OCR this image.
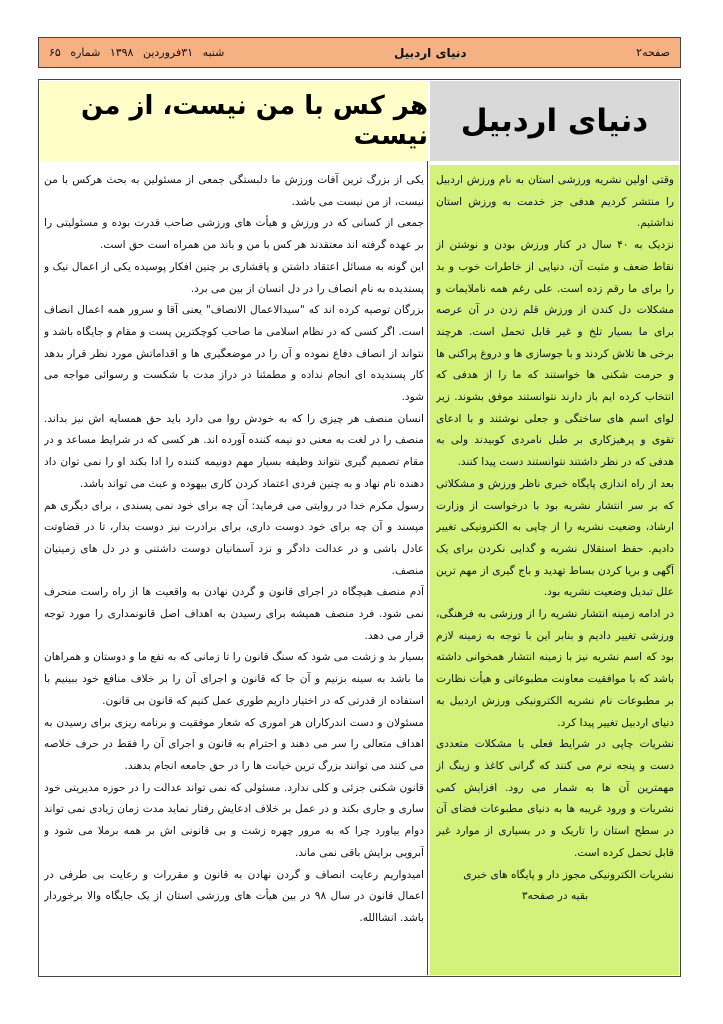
صفحه۲
دنیای اردبیل
شنبه ۳۱فروردین ۱۳۹۸ شماره ۶۵
هر کس با من نیست، از من نیست دنیای اردبیل

یکی از بزرگ ترین آفات ورزش ما دلبستگی جمعی از مسئولین به بحث هرکس با من نیست، از من نیست می باشد.

جمعی از کسانی که در ورزش و هیأت های ورزشی صاحب قدرت بوده و مسئولیتی را بر عهده گرفته اند معتقدند هر کس با من و باند من همراه است حق است.

این گونه به مسائل اعتقاد داشتن و پافشاری بر چنین افکار پوسیده یکی از اعمال نیک و پسندیده به نام انصاف را در دل انسان از بین می برد.

بزرگان توصیه کرده اند که "سیدالاعمال الانصاف" یعنی آقا و سرور همه اعمال انصاف است. اگر کسی که در نظام اسلامی ما صاحب کوچکترین پست و مقام و جایگاه باشد و نتواند از انصاف دفاع نموده و آن را در موضعگیری ها و اقداماتش مورد نظر قرار بدهد کار پسندیده ای انجام نداده و مطمئنا در دراز مدت با شکست و رسوائی مواجه می شود.

انسان منصف هر چیزی را که به خودش روا می دارد باید حق همسایه اش نیز بداند. منصف را در لغت به معنی دو نیمه کننده آورده اند. هر کسی که در شرایط مساعد و در مقام تصمیم گیری نتواند وظیفه بسیار مهم دونیمه کننده را ادا بکند او را نمی توان داد دهنده نام نهاد و به چنین فردی اعتماد کردن کاری بیهوده و عبث می تواند باشد.

رسول مکرم خدا در روایتی می فرماید: آن چه برای خود نمی پسندی ، برای دیگری هم مپسند و آن چه برای خود دوست داری، برای برادرت نیز دوست بدار، تا در قضاوتت عادل باشی و در عدالت دادگر و نزد آسمانیان دوست داشتنی و در دل های زمینیان منصف.

آدم منصف هیچگاه در اجرای قانون و گردن نهادن به واقعیت ها از راه راست منحرف نمی شود. فرد منصف همیشه برای رسیدن به اهداف اصل قانونمداری را مورد توجه قرار می دهد.

بسیار بد و زشت می شود که سنگ قانون را تا زمانی که به نفع ما و دوستان و همراهان ما باشد به سینه بزنیم و آن جا که قانون و اجرای آن را بر خلاف منافع خود ببینیم با استفاده از قدرتی که در اختیار داریم طوری عمل کنیم که قانون بی قانون.

مسئولان و دست اندرکاران هر اموری که شعار موفقیت و برنامه ریزی برای رسیدن به اهداف متعالی را سر می دهند و احترام به قانون و اجرای آن را فقط در حرف خلاصه می کنند می توانند بزرگ ترین خیانت ها را در حق جامعه انجام بدهند.

قانون شکنی جزئی و کلی ندارد. مسئولی که نمی تواند عدالت را در حوزه مدیریتی خود ساری و جاری بکند و در عمل بر خلاف ادعایش رفتار نماید مدت زمان زیادی نمی تواند دوام بیاورد چرا که به مرور چهره زشت و بی قانونی اش بر همه برملا می شود و آبرویی برایش باقی نمی ماند.

امیدواریم رعایت انصاف و گردن نهادن به قانون و مقررات و رعایت بی طرفی در اعمال قانون در سال ۹۸ در بین هیأت های ورزشی استان از یک جایگاه والا برخوردار باشد. انشاالله.

وقتی اولین نشریه ورزشی استان به نام ورزش اردبیل را منتشر کردیم هدفی جز خدمت به ورزش استان نداشتیم.

نزدیک به ۴۰ سال در کنار ورزش بودن و نوشتن از نقاط ضعف و مثبت آن، دنیایی از خاطرات خوب و بد را برای ما رقم زده است. علی رغم همه ناملایمات و مشکلات دل کندن از ورزش قلم زدن در آن عرصه برای ما بسیار تلخ و غیر قابل تحمل است. هرچند برخی ها تلاش کردند و با جوسازی ها و دروغ پراکنی ها و حرمت شکنی ها خواستند که ما را از هدفی که انتخاب کرده ایم باز دارند نتوانستند موفق بشوند. زیر لوای اسم های ساختگی و جعلی نوشتند و با ادعای تقوی و پرهیزکاری بر طبل نامردی کوبیدند ولی به هدفی که در نظر داشتند نتوانستند دست پیدا کنند.

بعد از راه اندازی پایگاه خبری ناظر ورزش و مشکلاتی که بر سر انتشار نشریه بود با درخواست از وزارت ارشاد، وضعیت نشریه را از چاپی به الکترونیکی تغییر دادیم. حفظ استقلال نشریه و گدایی نکردن برای یک آگهی و بریا کردن بساط تهدید و باج گیری از مهم ترین علل تبدیل وضعیت نشریه بود.

در ادامه زمینه انتشار نشریه را از ورزشی به فرهنگی، ورزشی تغییر دادیم و بنابر این با توجه به زمینه لازم بود که اسم نشریه نیز با زمینه انتشار همخوانی داشته باشد که با موافقیت معاونت مطبوعاتی و هیأت نظارت بر مطبوعات نام نشریه الکترونیکی ورزش اردبیل به دنیای اردبیل تغییر پیدا کرد.

نشریات چاپی در شرایط فعلی با مشکلات متعددی دست و پنجه نرم می کنند که گرانی کاغذ و زینگ از مهمترین آن ها به شمار می رود. افزایش کمی نشریات و ورود غریبه ها به دنیای مطبوعات فضای آن در سطح استان را تاریک و در بسیاری از موارد غیر قابل تحمل کرده است.

نشریات الکترونیکی مجوز دار و پایگاه های خبری

بقیه در صفحه۳
